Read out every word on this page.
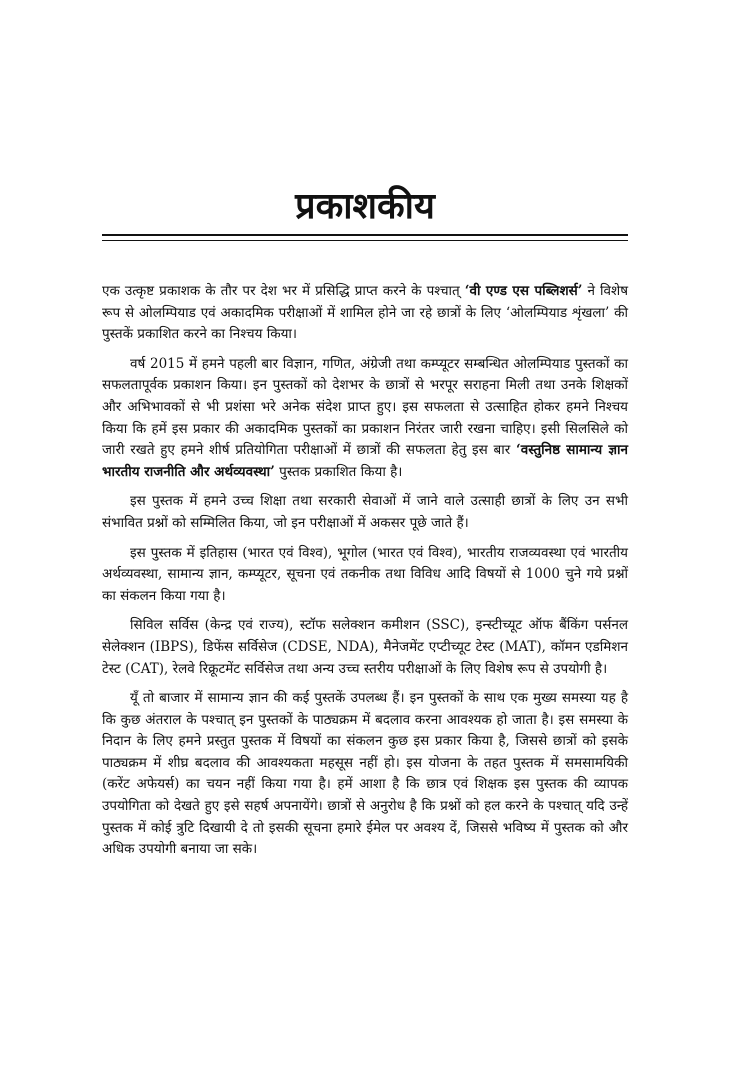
प्रकाशकीय

एक उत्कृष्ट प्रकाशक के तौर पर देश भर में प्रसिद्धि प्राप्त करने के पश्चात् ‘वी एण्ड एस पब्लिशर्स’ ने विशेष रूप से ओलम्पियाड एवं अकादमिक परीक्षाओं में शामिल होने जा रहे छात्रों के लिए ‘ओलम्पियाड शृंखला’ की पुस्तकें प्रकाशित करने का निश्चय किया।

वर्ष 2015 में हमने पहली बार विज्ञान, गणित, अंग्रेजी तथा कम्प्यूटर सम्बन्धित ओलम्पियाड पुस्तकों का सफलतापूर्वक प्रकाशन किया। इन पुस्तकों को देशभर के छात्रों से भरपूर सराहना मिली तथा उनके शिक्षकों और अभिभावकों से भी प्रशंसा भरे अनेक संदेश प्राप्त हुए। इस सफलता से उत्साहित होकर हमने निश्चय किया कि हमें इस प्रकार की अकादमिक पुस्तकों का प्रकाशन निरंतर जारी रखना चाहिए। इसी सिलसिले को जारी रखते हुए हमने शीर्ष प्रतियोगिता परीक्षाओं में छात्रों की सफलता हेतु इस बार ‘वस्तुनिष्ठ सामान्य ज्ञान भारतीय राजनीति और अर्थव्यवस्था’ पुस्तक प्रकाशित किया है।

इस पुस्तक में हमने उच्च शिक्षा तथा सरकारी सेवाओं में जाने वाले उत्साही छात्रों के लिए उन सभी संभावित प्रश्नों को सम्मिलित किया, जो इन परीक्षाओं में अकसर पूछे जाते हैं।

इस पुस्तक में इतिहास (भारत एवं विश्व), भूगोल (भारत एवं विश्व), भारतीय राजव्यवस्था एवं भारतीय अर्थव्यवस्था, सामान्य ज्ञान, कम्प्यूटर, सूचना एवं तकनीक तथा विविध आदि विषयों से 1000 चुने गये प्रश्नों का संकलन किया गया है।

सिविल सर्विस (केन्द्र एवं राज्य), स्टॉफ सलेक्शन कमीशन (SSC), इन्स्टीच्यूट ऑफ बैंकिंग पर्सनल सेलेक्शन (IBPS), डिफेंस सर्विसेज (CDSE, NDA), मैनेजमेंट एप्टीच्यूट टेस्ट (MAT), कॉमन एडमिशन टेस्ट (CAT), रेलवे रिक्रूटमेंट सर्विसेज तथा अन्य उच्च स्तरीय परीक्षाओं के लिए विशेष रूप से उपयोगी है।

यूँ तो बाजार में सामान्य ज्ञान की कई पुस्तकें उपलब्ध हैं। इन पुस्तकों के साथ एक मुख्य समस्या यह है कि कुछ अंतराल के पश्चात् इन पुस्तकों के पाठ्यक्रम में बदलाव करना आवश्यक हो जाता है। इस समस्या के निदान के लिए हमने प्रस्तुत पुस्तक में विषयों का संकलन कुछ इस प्रकार किया है, जिससे छात्रों को इसके पाठ्यक्रम में शीघ्र बदलाव की आवश्यकता महसूस नहीं हो। इस योजना के तहत पुस्तक में समसामयिकी (करेंट अफेयर्स) का चयन नहीं किया गया है। हमें आशा है कि छात्र एवं शिक्षक इस पुस्तक की व्यापक उपयोगिता को देखते हुए इसे सहर्ष अपनायेंगे। छात्रों से अनुरोध है कि प्रश्नों को हल करने के पश्चात् यदि उन्हें पुस्तक में कोई त्रुटि दिखायी दे तो इसकी सूचना हमारे ईमेल पर अवश्य दें, जिससे भविष्य में पुस्तक को और अधिक उपयोगी बनाया जा सके।
